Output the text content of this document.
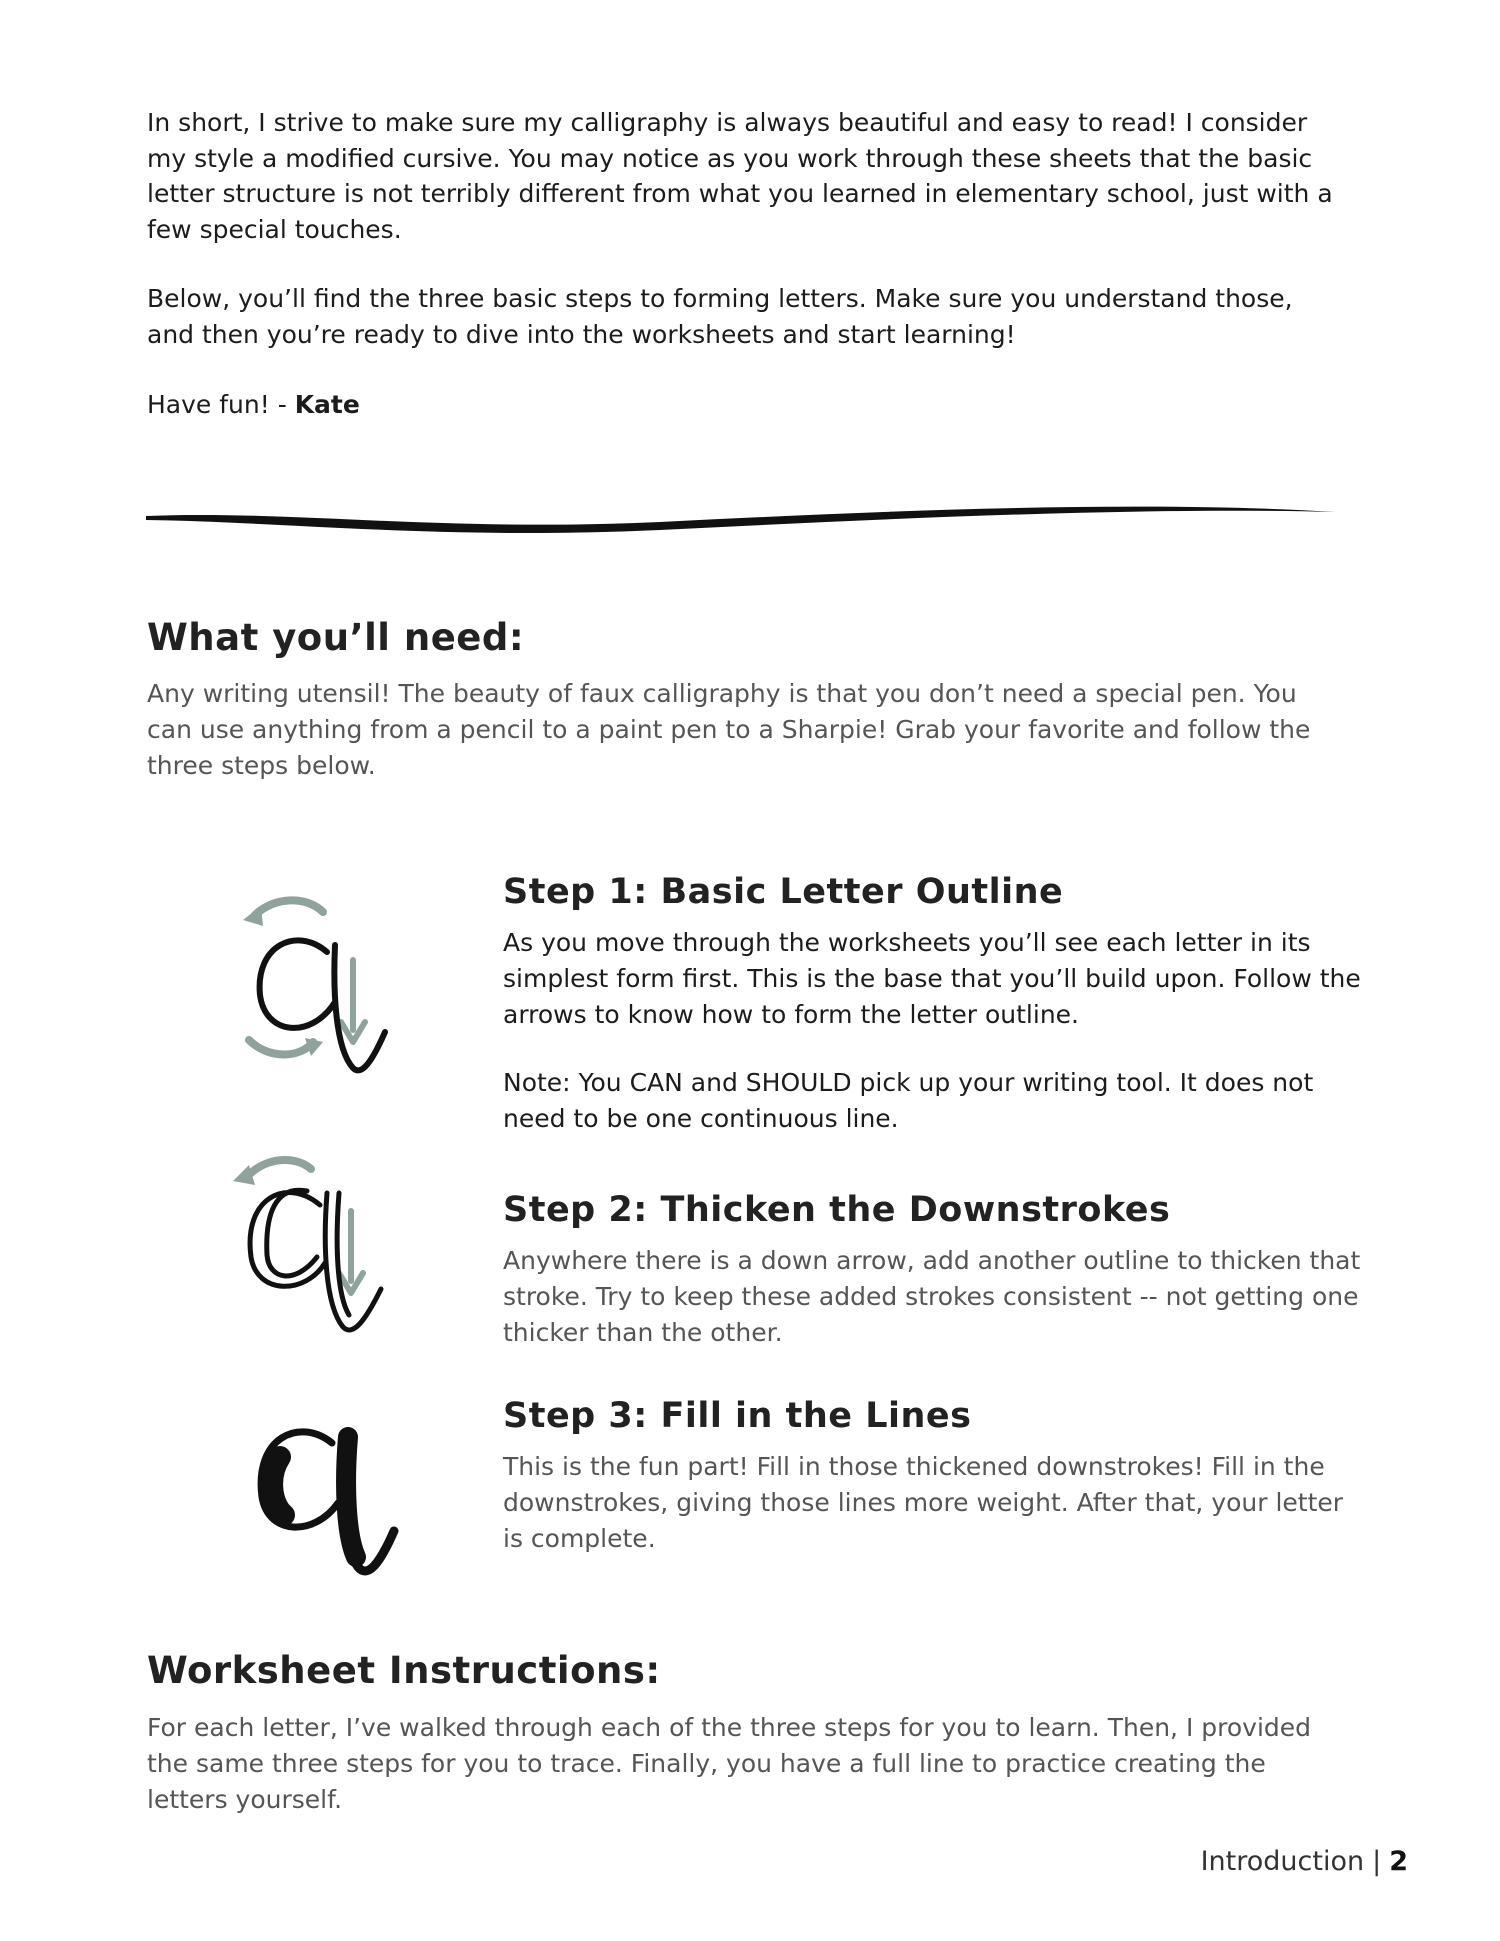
In short, I strive to make sure my calligraphy is always beautiful and easy to read! I consider my style a modified cursive. You may notice as you work through these sheets that the basic letter structure is not terribly different from what you learned in elementary school, just with a few special touches.

Below, you’ll find the three basic steps to forming letters. Make sure you understand those, and then you’re ready to dive into the worksheets and start learning!

Have fun! - Kate

What you’ll need:

Any writing utensil! The beauty of faux calligraphy is that you don’t need a special pen. You can use anything from a pencil to a paint pen to a Sharpie! Grab your favorite and follow the three steps below.

Step 1: Basic Letter Outline

As you move through the worksheets you’ll see each letter in its simplest form first. This is the base that you’ll build upon. Follow the arrows to know how to form the letter outline.

Note: You CAN and SHOULD pick up your writing tool. It does not need to be one continuous line.

Step 2: Thicken the Downstrokes

Anywhere there is a down arrow, add another outline to thicken that stroke. Try to keep these added strokes consistent -- not getting one thicker than the other.

Step 3: Fill in the Lines

This is the fun part! Fill in those thickened downstrokes! Fill in the downstrokes, giving those lines more weight. After that, your letter is complete.

Worksheet Instructions:

For each letter, I’ve walked through each of the three steps for you to learn. Then, I provided the same three steps for you to trace. Finally, you have a full line to practice creating the letters yourself.

Introduction | 2
